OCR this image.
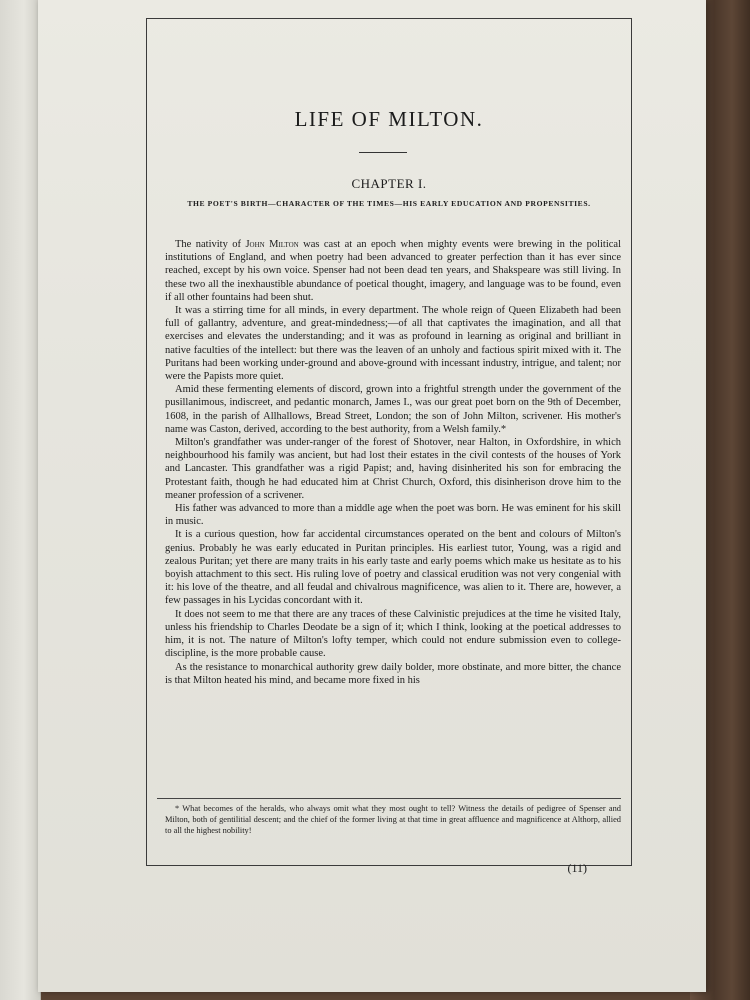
LIFE OF MILTON.
CHAPTER I.
THE POET'S BIRTH—CHARACTER OF THE TIMES—HIS EARLY EDUCATION AND PROPENSITIES.

The nativity of John Milton was cast at an epoch when mighty events were brewing in the political institutions of England, and when poetry had been advanced to greater perfection than it has ever since reached, except by his own voice. Spenser had not been dead ten years, and Shakspeare was still living. In these two all the inexhaustible abundance of poetical thought, imagery, and language was to be found, even if all other fountains had been shut.

It was a stirring time for all minds, in every department. The whole reign of Queen Elizabeth had been full of gallantry, adventure, and great-mindedness;—of all that captivates the imagination, and all that exercises and elevates the understanding; and it was as profound in learning as original and brilliant in native faculties of the intellect: but there was the leaven of an unholy and factious spirit mixed with it. The Puritans had been working under-ground and above-ground with incessant industry, intrigue, and talent; nor were the Papists more quiet.

Amid these fermenting elements of discord, grown into a frightful strength under the government of the pusillanimous, indiscreet, and pedantic monarch, James I., was our great poet born on the 9th of December, 1608, in the parish of Allhallows, Bread Street, London; the son of John Milton, scrivener. His mother's name was Caston, derived, according to the best authority, from a Welsh family.*

Milton's grandfather was under-ranger of the forest of Shotover, near Halton, in Oxfordshire, in which neighbourhood his family was ancient, but had lost their estates in the civil contests of the houses of York and Lancaster. This grandfather was a rigid Papist; and, having disinherited his son for embracing the Protestant faith, though he had educated him at Christ Church, Oxford, this disinherison drove him to the meaner profession of a scrivener.

His father was advanced to more than a middle age when the poet was born. He was eminent for his skill in music.

It is a curious question, how far accidental circumstances operated on the bent and colours of Milton's genius. Probably he was early educated in Puritan principles. His earliest tutor, Young, was a rigid and zealous Puritan; yet there are many traits in his early taste and early poems which make us hesitate as to his boyish attachment to this sect. His ruling love of poetry and classical erudition was not very congenial with it: his love of the theatre, and all feudal and chivalrous magnificence, was alien to it. There are, however, a few passages in his Lycidas concordant with it.

It does not seem to me that there are any traces of these Calvinistic prejudices at the time he visited Italy, unless his friendship to Charles Deodate be a sign of it; which I think, looking at the poetical addresses to him, it is not. The nature of Milton's lofty temper, which could not endure submission even to college-discipline, is the more probable cause.

As the resistance to monarchical authority grew daily bolder, more obstinate, and more bitter, the chance is that Milton heated his mind, and became more fixed in his

* What becomes of the heralds, who always omit what they most ought to tell? Witness the details of pedigree of Spenser and Milton, both of gentilitial descent; and the chief of the former living at that time in great affluence and magnificence at Althorp, allied to all the highest nobility!

(11)
